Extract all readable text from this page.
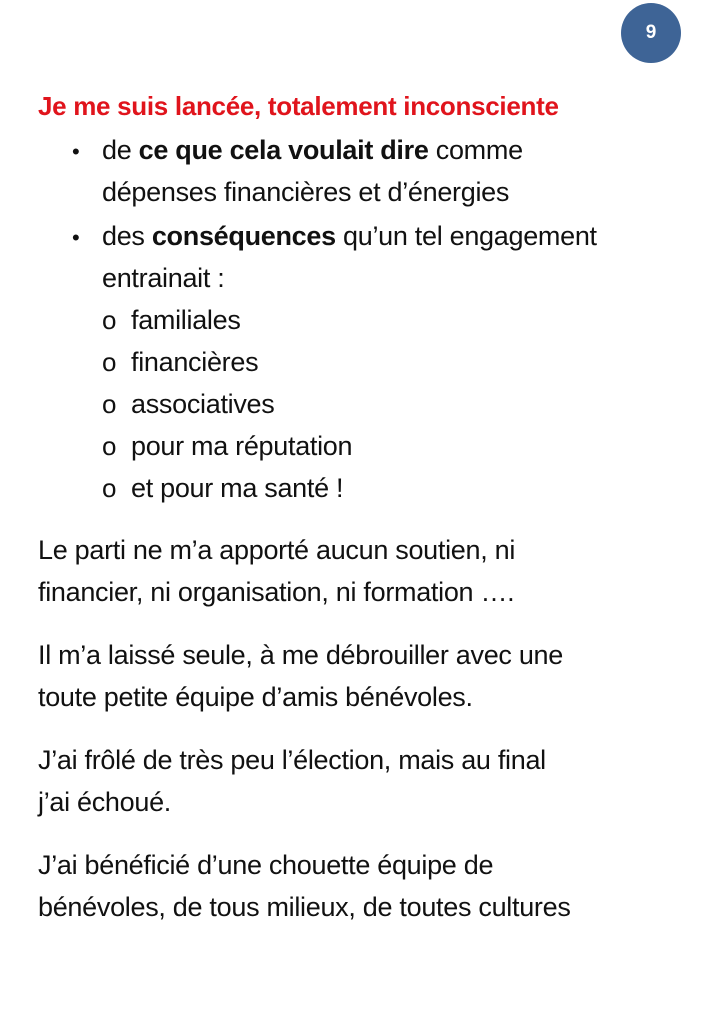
9
Je me suis lancée, totalement inconsciente
• de ce que cela voulait dire comme
dépenses financières et d’énergies
• des conséquences qu’un tel engagement
entrainait :
o familiales
o financières
o associatives
o pour ma réputation
o et pour ma santé !
Le parti ne m’a apporté aucun soutien, ni
financier, ni organisation, ni formation ….
Il m’a laissé seule, à me débrouiller avec une
toute petite équipe d’amis bénévoles.
J’ai frôlé de très peu l’élection, mais au final
j’ai échoué.
J’ai bénéficié d’une chouette équipe de
bénévoles, de tous milieux, de toutes cultures
